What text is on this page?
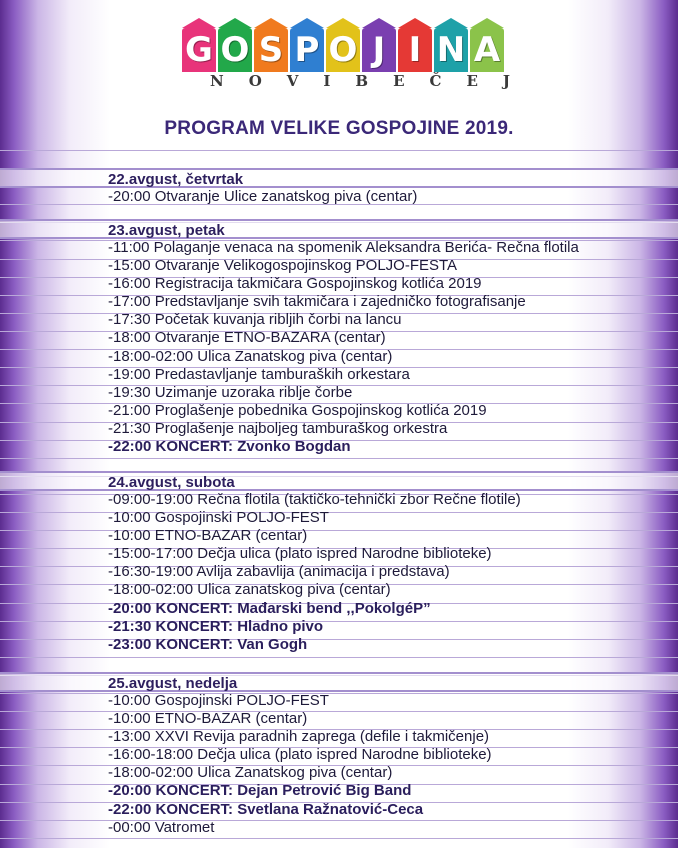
G O S P O J I N A
N O V I B E Č E J
PROGRAM VELIKE GOSPOJINE 2019.
22.avgust, četvrtak
-20:00 Otvaranje Ulice zanatskog piva (centar)
23.avgust, petak
-11:00 Polaganje venaca na spomenik Aleksandra Berića- Rečna flotila
-15:00 Otvaranje Velikogospojinskog POLJO-FESTA
-16:00 Registracija takmičara Gospojinskog kotlića 2019
-17:00 Predstavljanje svih takmičara i zajedničko fotografisanje
-17:30 Početak kuvanja ribljih čorbi na lancu
-18:00 Otvaranje ETNO-BAZARA (centar)
-18:00-02:00 Ulica Zanatskog piva (centar)
-19:00 Predastavljanje tamburaških orkestara
-19:30 Uzimanje uzoraka riblje čorbe
-21:00 Proglašenje pobednika Gospojinskog kotlića 2019
-21:30 Proglašenje najboljeg tamburaškog orkestra
-22:00 KONCERT: Zvonko Bogdan
24.avgust, subota
-09:00-19:00 Rečna flotila (taktičko-tehnički zbor Rečne flotile)
-10:00 Gospojinski POLJO-FEST
-10:00 ETNO-BAZAR (centar)
-15:00-17:00 Dečja ulica (plato ispred Narodne biblioteke)
-16:30-19:00 Avlija zabavlija (animacija i predstava)
-18:00-02:00 Ulica zanatskog piva (centar)
-20:00 KONCERT: Mađarski bend ,,PokolgéP”
-21:30 KONCERT: Hladno pivo
-23:00 KONCERT: Van Gogh
25.avgust, nedelja
-10:00 Gospojinski POLJO-FEST
-10:00 ETNO-BAZAR (centar)
-13:00 XXVI Revija paradnih zaprega (defile i takmičenje)
-16:00-18:00 Dečja ulica (plato ispred Narodne biblioteke)
-18:00-02:00 Ulica Zanatskog piva (centar)
-20:00 KONCERT: Dejan Petrović Big Band
-22:00 KONCERT: Svetlana Ražnatović-Ceca
-00:00 Vatromet
